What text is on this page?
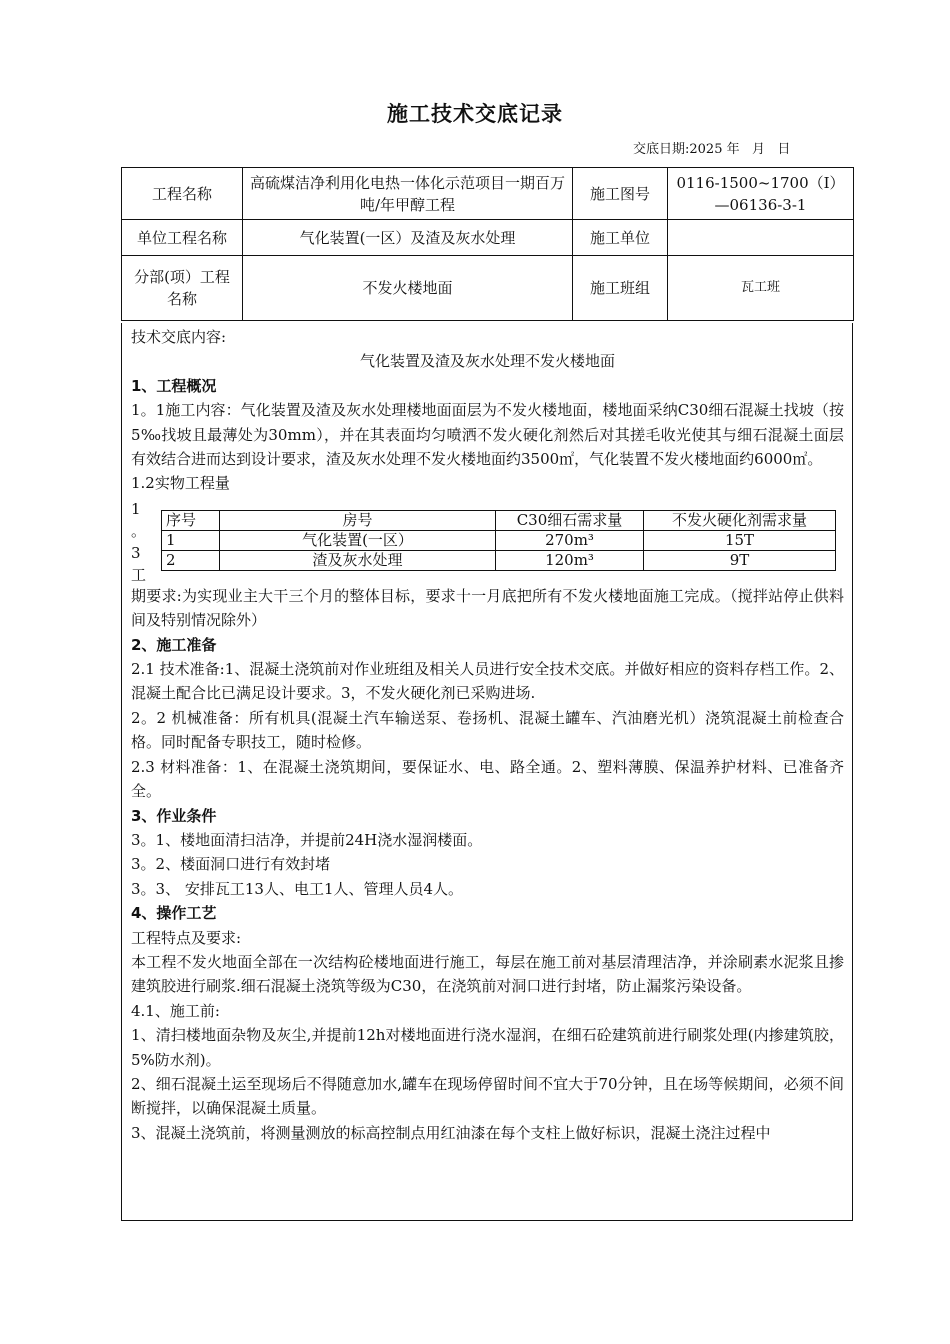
施工技术交底记录
交底日期:2025 年   月   日
工程名称	高硫煤洁净利用化电热一体化示范项目一期百万吨/年甲醇工程	施工图号	0116-1500~1700（I）—06136-3-1
单位工程名称	气化装置(一区）及渣及灰水处理	施工单位	
分部(项）工程名称	不发火楼地面	施工班组	瓦工班

技术交底内容:

气化装置及渣及灰水处理不发火楼地面

1、工程概况

1。1施工内容：气化装置及渣及灰水处理楼地面面层为不发火楼地面，楼地面采纳C30细石混凝土找坡（按5‰找坡且最薄处为30mm），并在其表面均匀喷洒不发火硬化剂然后对其搓毛收光使其与细石混凝土面层有效结合进而达到设计要求，渣及灰水处理不发火楼地面约3500㎡，气化装置不发火楼地面约6000㎡。

1.2实物工程量

1
。
3
工
序号	房号	C30细石需求量	不发火硬化剂需求量
1	气化装置(一区）	270m³	15T
2	渣及灰水处理	120m³	9T

期要求:为实现业主大干三个月的整体目标，要求十一月底把所有不发火楼地面施工完成。（搅拌站停止供料间及特别情况除外）

2、施工准备

2.1 技术准备:1、混凝土浇筑前对作业班组及相关人员进行安全技术交底。并做好相应的资料存档工作。2、混凝土配合比已满足设计要求。3，不发火硬化剂已采购进场.

2。2 机械准备：所有机具(混凝土汽车输送泵、卷扬机、混凝土罐车、汽油磨光机）浇筑混凝土前检查合格。同时配备专职技工，随时检修。

2.3 材料准备：1、在混凝土浇筑期间，要保证水、电、路全通。2、塑料薄膜、保温养护材料、已准备齐全。

3、作业条件

3。1、楼地面清扫洁净，并提前24H浇水湿润楼面。

3。2、楼面洞口进行有效封堵

3。3、 安排瓦工13人、电工1人、管理人员4人。

4、操作工艺

工程特点及要求:

本工程不发火地面全部在一次结构砼楼地面进行施工，每层在施工前对基层清理洁净，并涂刷素水泥浆且掺建筑胶进行刷浆.细石混凝土浇筑等级为C30，在浇筑前对洞口进行封堵，防止漏浆污染设备。

4.1、施工前:

1、清扫楼地面杂物及灰尘,并提前12h对楼地面进行浇水湿润，在细石砼建筑前进行刷浆处理(内掺建筑胶，5%防水剂)。

2、细石混凝土运至现场后不得随意加水,罐车在现场停留时间不宜大于70分钟，且在场等候期间，必须不间断搅拌，以确保混凝土质量。

3、混凝土浇筑前，将测量测放的标高控制点用红油漆在每个支柱上做好标识，混凝土浇注过程中
